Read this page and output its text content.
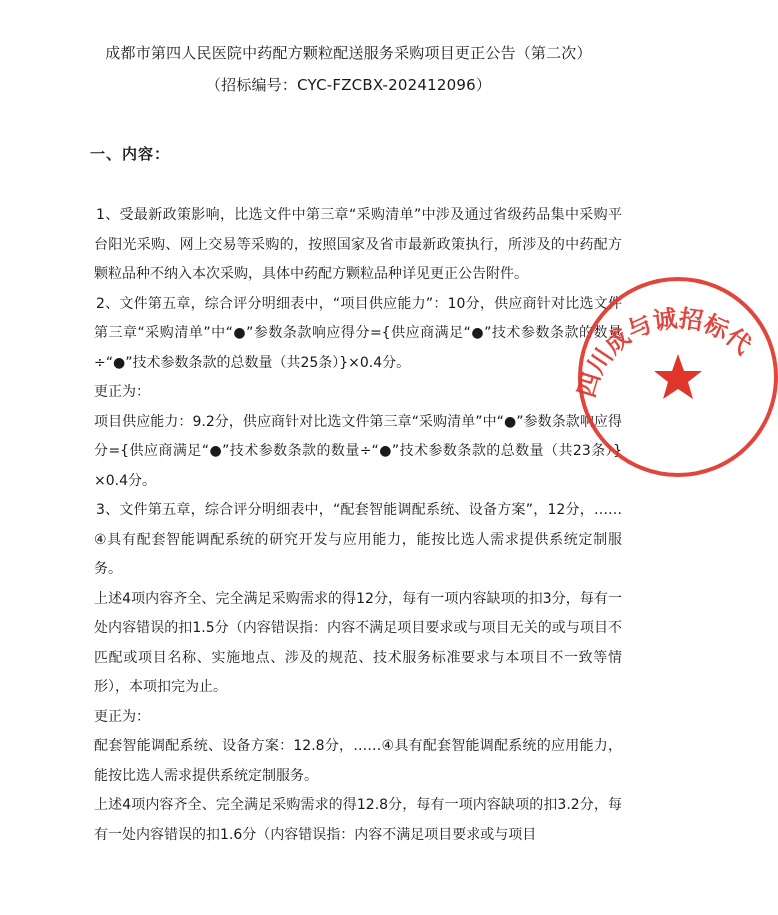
成都市第四人民医院中药配方颗粒配送服务采购项目更正公告（第二次）
（招标编号：CYC-FZCBX-202412096）
一、内容：

1、受最新政策影响，比选文件中第三章“采购清单”中涉及通过省级药品集中采购平台阳光采购、网上交易等采购的，按照国家及省市最新政策执行，所涉及的中药配方颗粒品种不纳入本次采购，具体中药配方颗粒品种详见更正公告附件。

2、文件第五章，综合评分明细表中，“项目供应能力”：10分，供应商针对比选文件第三章“采购清单”中“●”参数条款响应得分={供应商满足“●”技术参数条款的数量÷“●”技术参数条款的总数量（共25条）}×0.4分。

更正为：

项目供应能力：9.2分，供应商针对比选文件第三章“采购清单”中“●”参数条款响应得分={供应商满足“●”技术参数条款的数量÷“●”技术参数条款的总数量（共23条）}×0.4分。

3、文件第五章，综合评分明细表中，“配套智能调配系统、设备方案”，12分，……④具有配套智能调配系统的研究开发与应用能力，能按比选人需求提供系统定制服务。

上述4项内容齐全、完全满足采购需求的得12分，每有一项内容缺项的扣3分，每有一处内容错误的扣1.5分（内容错误指：内容不满足项目要求或与项目无关的或与项目不匹配或项目名称、实施地点、涉及的规范、技术服务标准要求与本项目不一致等情形），本项扣完为止。

更正为：

配套智能调配系统、设备方案：12.8分，……④具有配套智能调配系统的应用能力，能按比选人需求提供系统定制服务。

上述4项内容齐全、完全满足采购需求的得12.8分，每有一项内容缺项的扣3.2分，每有一处内容错误的扣1.6分（内容错误指：内容不满足项目要求或与项目

四川成与诚招标代
